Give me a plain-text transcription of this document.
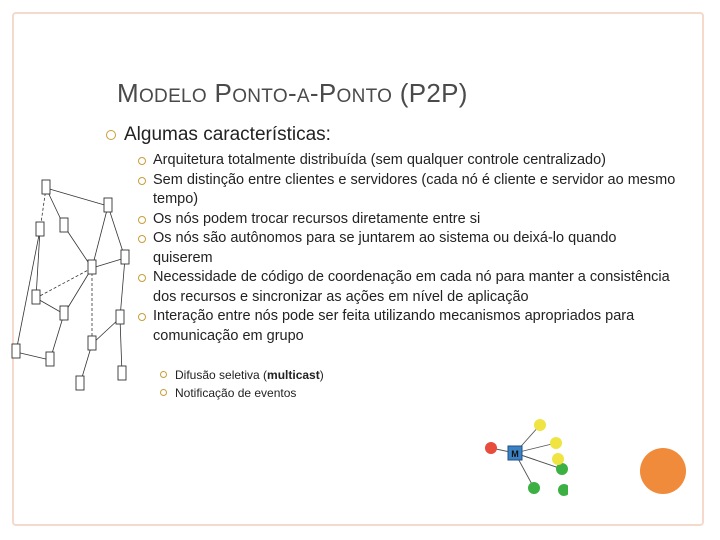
MODELO PONTO-A-PONTO (P2P)
Algumas características:
Arquitetura totalmente distribuída (sem qualquer controle centralizado)
Sem distinção entre clientes e servidores (cada nó é cliente e servidor ao mesmo tempo)
Os nós podem trocar recursos diretamente entre si
Os nós são autônomos para se juntarem ao sistema ou deixá-lo quando quiserem
Necessidade de código de coordenação em cada nó para manter a consistência dos recursos e sincronizar as ações em nível de aplicação
Interação entre nós pode ser feita utilizando mecanismos apropriados para comunicação em grupo
Difusão seletiva (multicast)
Notificação de eventos
M
